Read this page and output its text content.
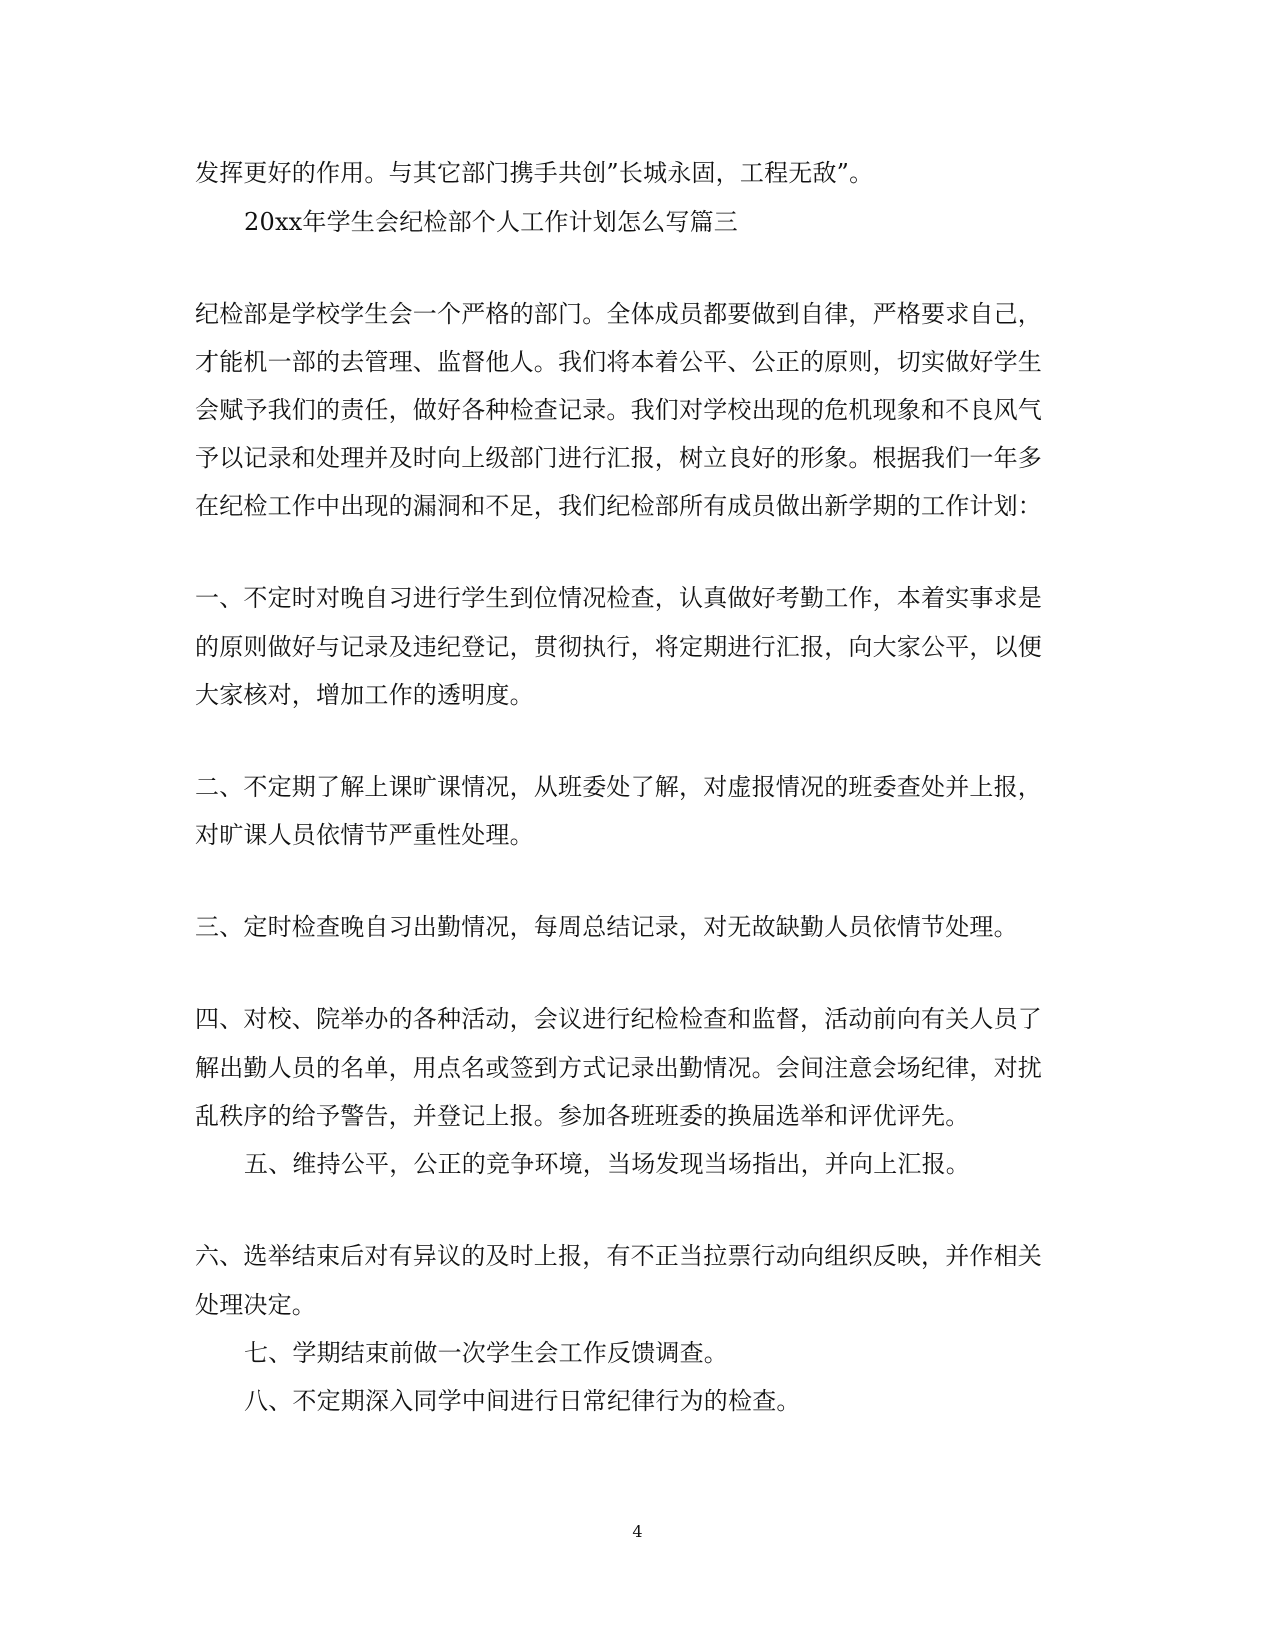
发挥更好的作用。与其它部门携手共创”长城永固，工程无敌”。

20xx年学生会纪检部个人工作计划怎么写篇三

纪检部是学校学生会一个严格的部门。全体成员都要做到自律，严格要求自己，

才能机一部的去管理、监督他人。我们将本着公平、公正的原则，切实做好学生

会赋予我们的责任，做好各种检查记录。我们对学校出现的危机现象和不良风气

予以记录和处理并及时向上级部门进行汇报，树立良好的形象。根据我们一年多

在纪检工作中出现的漏洞和不足，我们纪检部所有成员做出新学期的工作计划：

一、不定时对晚自习进行学生到位情况检查，认真做好考勤工作，本着实事求是

的原则做好与记录及违纪登记，贯彻执行，将定期进行汇报，向大家公平，以便

大家核对，增加工作的透明度。

二、不定期了解上课旷课情况，从班委处了解，对虚报情况的班委查处并上报，

对旷课人员依情节严重性处理。

三、定时检查晚自习出勤情况，每周总结记录，对无故缺勤人员依情节处理。

四、对校、院举办的各种活动，会议进行纪检检查和监督，活动前向有关人员了

解出勤人员的名单，用点名或签到方式记录出勤情况。会间注意会场纪律，对扰

乱秩序的给予警告，并登记上报。参加各班班委的换届选举和评优评先。

五、维持公平，公正的竞争环境，当场发现当场指出，并向上汇报。

六、选举结束后对有异议的及时上报，有不正当拉票行动向组织反映，并作相关

处理决定。

七、学期结束前做一次学生会工作反馈调查。

八、不定期深入同学中间进行日常纪律行为的检查。

4
